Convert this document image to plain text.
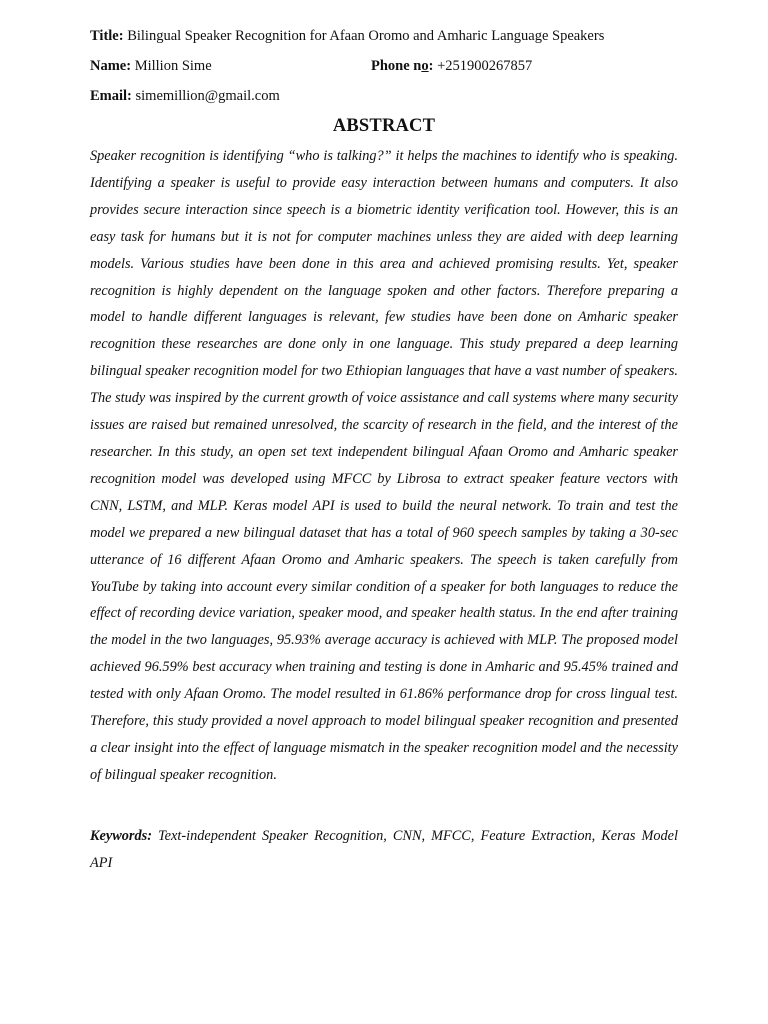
Title: Bilingual Speaker Recognition for Afaan Oromo and Amharic Language Speakers
Name: Million Sime	Phone no: +251900267857
Email: simemillion@gmail.com
ABSTRACT

Speaker recognition is identifying “who is talking?” it helps the machines to identify who is speaking. Identifying a speaker is useful to provide easy interaction between humans and computers. It also provides secure interaction since speech is a biometric identity verification tool. However, this is an easy task for humans but it is not for computer machines unless they are aided with deep learning models. Various studies have been done in this area and achieved promising results. Yet, speaker recognition is highly dependent on the language spoken and other factors. Therefore preparing a model to handle different languages is relevant, few studies have been done on Amharic speaker recognition these researches are done only in one language. This study prepared a deep learning bilingual speaker recognition model for two Ethiopian languages that have a vast number of speakers. The study was inspired by the current growth of voice assistance and call systems where many security issues are raised but remained unresolved, the scarcity of research in the field, and the interest of the researcher. In this study, an open set text independent bilingual Afaan Oromo and Amharic speaker recognition model was developed using MFCC by Librosa to extract speaker feature vectors with CNN, LSTM, and MLP. Keras model API is used to build the neural network. To train and test the model we prepared a new bilingual dataset that has a total of 960 speech samples by taking a 30-sec utterance of 16 different Afaan Oromo and Amharic speakers. The speech is taken carefully from YouTube by taking into account every similar condition of a speaker for both languages to reduce the effect of recording device variation, speaker mood, and speaker health status. In the end after training the model in the two languages, 95.93% average accuracy is achieved with MLP. The proposed model achieved 96.59% best accuracy when training and testing is done in Amharic and 95.45% trained and tested with only Afaan Oromo. The model resulted in 61.86% performance drop for cross lingual test. Therefore, this study provided a novel approach to model bilingual speaker recognition and presented a clear insight into the effect of language mismatch in the speaker recognition model and the necessity of bilingual speaker recognition.

Keywords: Text-independent Speaker Recognition, CNN, MFCC, Feature Extraction, Keras Model API
